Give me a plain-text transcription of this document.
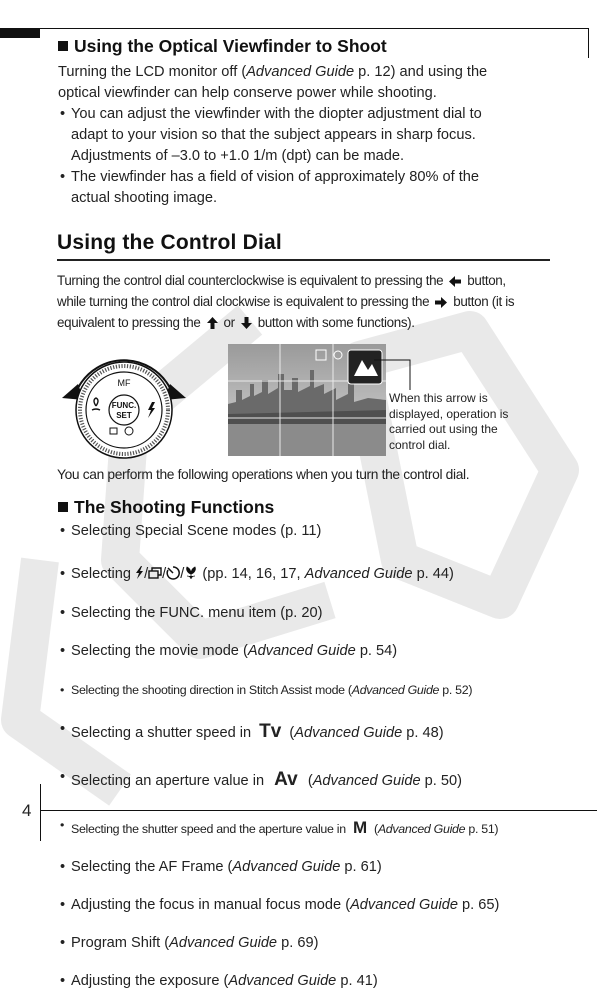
Using the Optical Viewfinder to Shoot
Turning the LCD monitor off (Advanced Guide p. 12) and using the
optical viewfinder can help conserve power while shooting.
• You can adjust the viewfinder with the diopter adjustment dial to
adapt to your vision so that the subject appears in sharp focus.
Adjustments of –3.0 to +1.0 1/m (dpt) can be made.
• The viewfinder has a field of vision of approximately 80% of the
actual shooting image.
Using the Control Dial
Turning the control dial counterclockwise is equivalent to pressing the button,
while turning the control dial clockwise is equivalent to pressing the button (it is
equivalent to pressing the or button with some functions).
MF
FUNC.
SET
When this arrow is
displayed, operation is
carried out using the
control dial.
You can perform the following operations when you turn the control dial.
The Shooting Functions
• Selecting Special Scene modes (p. 11)
• Selecting / / / (pp. 14, 16, 17, Advanced Guide p. 44)
• Selecting the FUNC. menu item (p. 20)
• Selecting the movie mode (Advanced Guide p. 54)
• Selecting the shooting direction in Stitch Assist mode (Advanced Guide p. 52)
• Selecting a shutter speed in Tv (Advanced Guide p. 48)
• Selecting an aperture value in Av (Advanced Guide p. 50)
• Selecting the shutter speed and the aperture value in M (Advanced Guide p. 51)
• Selecting the AF Frame (Advanced Guide p. 61)
• Adjusting the focus in manual focus mode (Advanced Guide p. 65)
• Program Shift (Advanced Guide p. 69)
• Adjusting the exposure (Advanced Guide p. 41)
4
